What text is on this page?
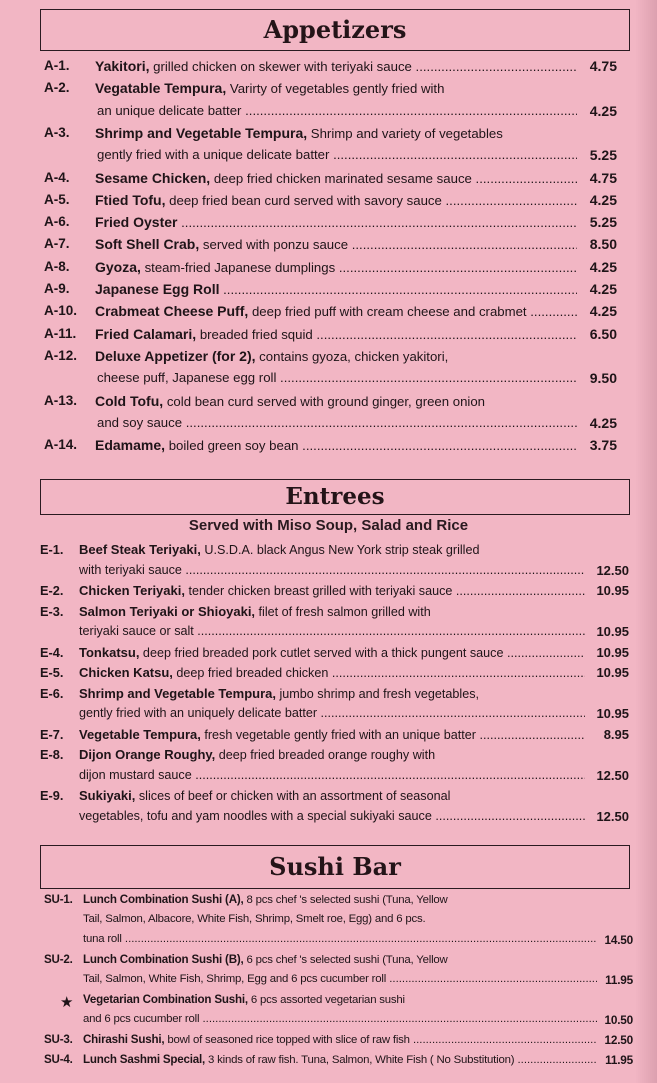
Appetizers
A-1. Yakitori, grilled chicken on skewer with teriyaki sauce .....	4.75
A-2. Vegatable Tempura, Varirty of vegetables gently fried with
an unique delicate batter .....	4.25
A-3. Shrimp and Vegetable Tempura, Shrimp and variety of vegetables
gently fried with a unique delicate batter .....	5.25
A-4. Sesame Chicken, deep fried chicken marinated sesame sauce .....	4.75
A-5. Ftied Tofu, deep fried bean curd served with savory sauce .....	4.25
A-6. Fried Oyster .....	5.25
A-7. Soft Shell Crab, served with ponzu sauce .....	8.50
A-8. Gyoza, steam-fried Japanese dumplings .....	4.25
A-9. Japanese Egg Roll .....	4.25
A-10. Crabmeat Cheese Puff, deep fried puff with cream cheese and crabmet .....	4.25
A-11. Fried Calamari, breaded fried squid .....	6.50
A-12. Deluxe Appetizer (for 2), contains gyoza, chicken yakitori,
cheese puff, Japanese egg roll .....	9.50
A-13. Cold Tofu, cold bean curd served with ground ginger, green onion
and soy sauce .....	4.25
A-14. Edamame, boiled green soy bean .....	3.75
Entrees
Served with Miso Soup, Salad and Rice
E-1. Beef Steak Teriyaki, U.S.D.A. black Angus New York strip steak grilled
with teriyaki sauce .....	12.50
E-2. Chicken Teriyaki, tender chicken breast grilled with teriyaki sauce .....	10.95
E-3. Salmon Teriyaki or Shioyaki, filet of fresh salmon grilled with
teriyaki sauce or salt .....	10.95
E-4. Tonkatsu, deep fried breaded pork cutlet served with a thick pungent sauce .....	10.95
E-5. Chicken Katsu, deep fried breaded chicken .....	10.95
E-6. Shrimp and Vegetable Tempura, jumbo shrimp and fresh vegetables,
gently fried with an uniquely delicate batter .....	10.95
E-7. Vegetable Tempura, fresh vegetable gently fried with an unique batter .....	8.95
E-8. Dijon Orange Roughy, deep fried breaded orange roughy with
dijon mustard sauce .....	12.50
E-9. Sukiyaki, slices of beef or chicken with an assortment of seasonal
vegetables, tofu and yam noodles with a special sukiyaki sauce .....	12.50
Sushi Bar
SU-1. Lunch Combination Sushi (A), 8 pcs chef 's selected sushi (Tuna, Yellow
Tail, Salmon, Albacore, White Fish, Shrimp, Smelt roe, Egg) and 6 pcs.
tuna roll .....	14.50
SU-2. Lunch Combination Sushi (B), 6 pcs chef 's selected sushi (Tuna, Yellow
Tail, Salmon, White Fish, Shrimp, Egg and 6 pcs cucumber roll .....	11.95
★ Vegetarian Combination Sushi, 6 pcs assorted vegetarian sushi
and 6 pcs cucumber roll .....	10.50
SU-3. Chirashi Sushi, bowl of seasoned rice topped with slice of raw fish .....	12.50
SU-4. Lunch Sashmi Special, 3 kinds of raw fish. Tuna, Salmon, White Fish ( No Substitution) .....	11.95
